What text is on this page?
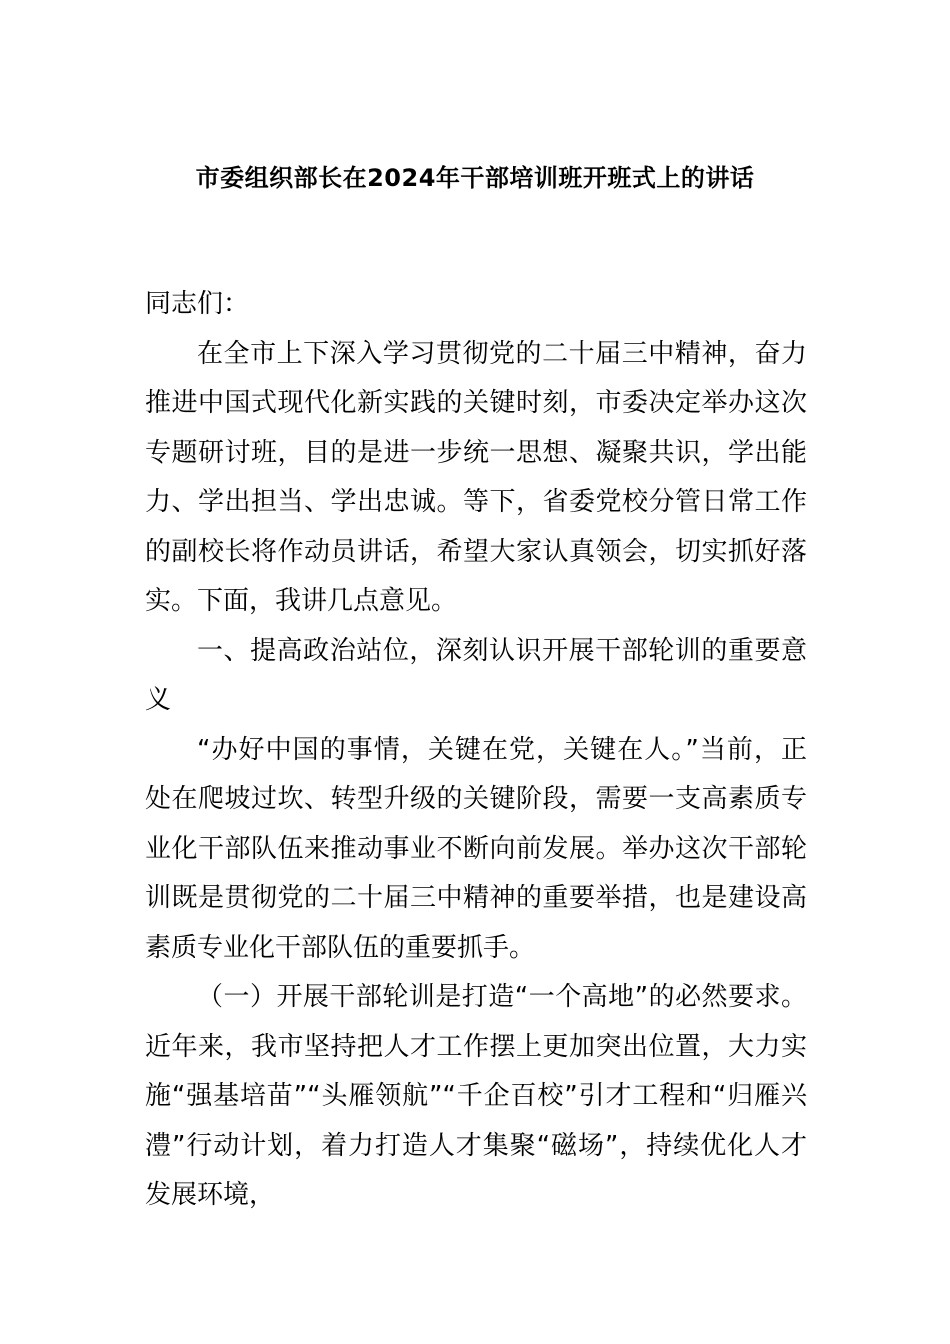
市委组织部长在2024年干部培训班开班式上的讲话

同志们：

在全市上下深入学习贯彻党的二十届三中精神，奋力推进中国式现代化新实践的关键时刻，市委决定举办这次专题研讨班，目的是进一步统一思想、凝聚共识，学出能力、学出担当、学出忠诚。等下，省委党校分管日常工作的副校长将作动员讲话，希望大家认真领会，切实抓好落实。下面，我讲几点意见。

一、提高政治站位，深刻认识开展干部轮训的重要意义

“办好中国的事情，关键在党，关键在人。”当前，正处在爬坡过坎、转型升级的关键阶段，需要一支高素质专业化干部队伍来推动事业不断向前发展。举办这次干部轮训既是贯彻党的二十届三中精神的重要举措，也是建设高素质专业化干部队伍的重要抓手。

（一）开展干部轮训是打造“一个高地”的必然要求。近年来，我市坚持把人才工作摆上更加突出位置，大力实施“强基培苗”“头雁领航”“千企百校”引才工程和“归雁兴澧”行动计划，着力打造人才集聚“磁场”，持续优化人才发展环境，
